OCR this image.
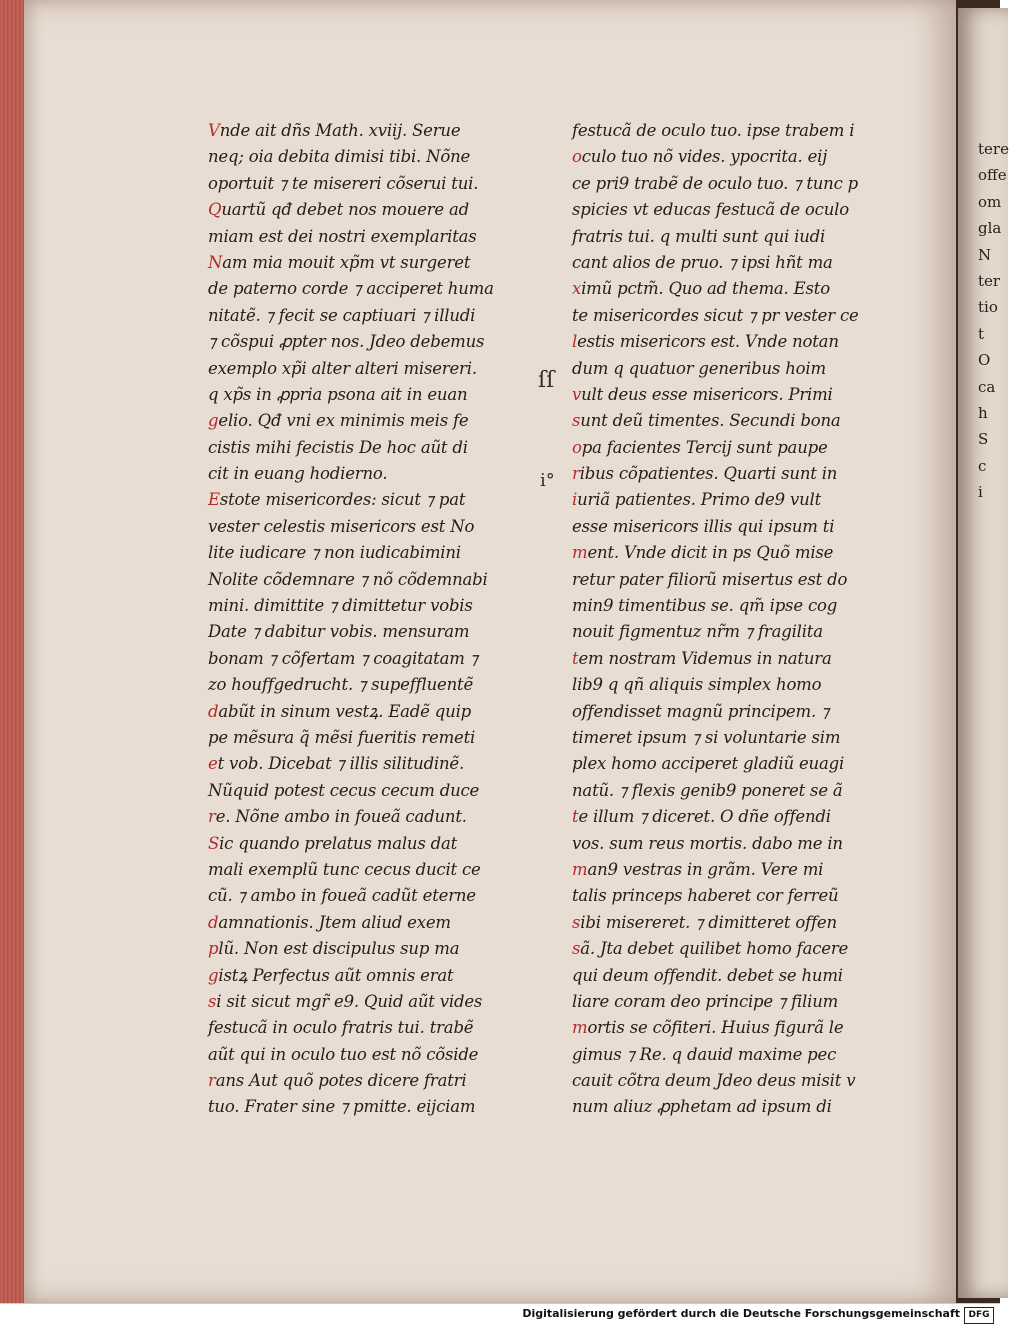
Vnde ait dñs Math. xviij. Serue
neq; oia debita dimisi tibi. Nõne
oportuit ⁊ te misereri cõserui tui.
Quartũ qđ debet nos mouere ad
miam est dei nostri exemplaritas
Nam mia mouit xp̃m vt surgeret
de paterno corde ⁊ acciperet huma
nitatẽ. ⁊ fecit se captiuari ⁊ illudi
⁊ cõspui ꝓpter nos. Jdeo debemus
exemplo xp̃i alter alteri misereri.
q xp̃s in ꝓpria psona ait in euan
gelio. Qđ vni ex minimis meis fe
cistis mihi fecistis De hoc aũt di
cit in euang hodierno.
Estote misericordes: sicut ⁊ pat
vester celestis misericors est No
lite iudicare ⁊ non iudicabimini
Nolite cõdemnare ⁊ nõ cõdemnabi
mini. dimittite ⁊ dimittetur vobis
Date ⁊ dabitur vobis. mensuram
bonam ⁊ cõfertam ⁊ coagitatam ⁊
zo houffgedrucht. ⁊ supeffluentẽ
dabũt in sinum vestꝝ. Eadẽ quip
pe mẽsura q̃ mẽsi fueritis remeti
et vob. Dicebat ⁊ illis silitudinẽ.
Nũquid potest cecus cecum duce
re. Nõne ambo in foueã cadunt.
Sic quando prelatus malus dat
mali exemplũ tunc cecus ducit ce
cũ. ⁊ ambo in foueã cadũt eterne
damnationis. Jtem aliud exem
plũ. Non est discipulus sup ma
gistꝝ Perfectus aũt omnis erat
si sit sicut mgr̃ e9. Quid aũt vides
festucã in oculo fratris tui. trabẽ
aũt qui in oculo tuo est nõ cõside
rans Aut quõ potes dicere fratri
tuo. Frater sine ⁊ pmitte. eijciam
festucã de oculo tuo. ipse trabem i
oculo tuo nõ vides. ypocrita. eij
ce pri9 trabẽ de oculo tuo. ⁊ tunc p
spicies vt educas festucã de oculo
fratris tui. q multi sunt qui iudi
cant alios de pruo. ⁊ ipsi hñt ma
ximũ pctm̃. Quo ad thema. Esto
te misericordes sicut ⁊ pr vester ce
lestis misericors est. Vnde notan
dum q quatuor generibus hoim
vult deus esse misericors. Primi
sunt deũ timentes. Secundi bona
opa facientes Tercij sunt paupe
ribus cõpatientes. Quarti sunt in
iuriã patientes. Primo de9 vult
esse misericors illis qui ipsum ti
ment. Vnde dicit in ps Quõ mise
retur pater filiorũ misertus est do
min9 timentibus se. qm̃ ipse cog
nouit figmentuz nr̃m ⁊ fragilita
tem nostram Videmus in natura
lib9 q qñ aliquis simplex homo
offendisset magnũ principem. ⁊
timeret ipsum ⁊ si voluntarie sim
plex homo acciperet gladiũ euagi
natũ. ⁊ flexis genib9 poneret se ã
te illum ⁊ diceret. O dñe offendi
vos. sum reus mortis. dabo me in
man9 vestras in grãm. Vere mi
talis princeps haberet cor ferreũ
sibi misereret. ⁊ dimitteret offen
sã. Jta debet quilibet homo facere
qui deum offendit. debet se humi
liare coram deo principe ⁊ filium
mortis se cõfiteri. Huius figurã le
gimus ⁊ Re. q dauid maxime pec
cauit cõtra deum Jdeo deus misit v
num aliuz ꝓphetam ad ipsum di
ſſ
i°
tere
offe
om
gla
N
ter
tio
t
O
ca
h
S
c
i
Digitalisierung gefördert durch die Deutsche Forschungsgemeinschaft DFG
